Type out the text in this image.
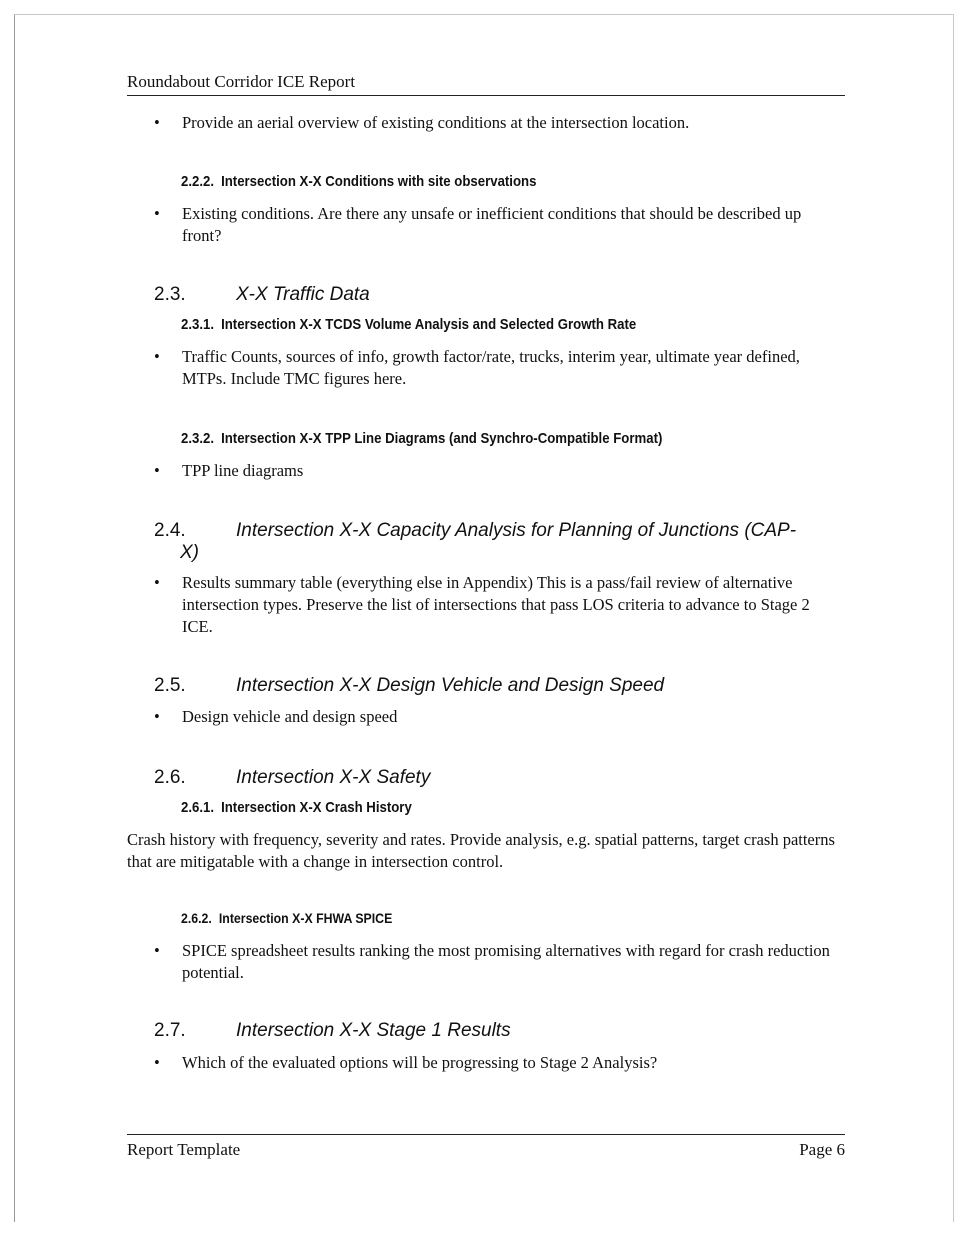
Roundabout Corridor ICE Report
•	Provide an aerial overview of existing conditions at the intersection location.
2.2.2. Intersection X-X Conditions with site observations
•	Existing conditions. Are there any unsafe or inefficient conditions that should be described up front?
2.3.	X-X Traffic Data
2.3.1. Intersection X-X TCDS Volume Analysis and Selected Growth Rate
•	Traffic Counts, sources of info, growth factor/rate, trucks, interim year, ultimate year defined, MTPs. Include TMC figures here.
2.3.2. Intersection X-X TPP Line Diagrams (and Synchro-Compatible Format)
•	TPP line diagrams
2.4.	Intersection X-X Capacity Analysis for Planning of Junctions (CAP-
X)
•	Results summary table (everything else in Appendix) This is a pass/fail review of alternative intersection types. Preserve the list of intersections that pass LOS criteria to advance to Stage 2 ICE.
2.5.	Intersection X-X Design Vehicle and Design Speed
•	Design vehicle and design speed
2.6.	Intersection X-X Safety
2.6.1. Intersection X-X Crash History
Crash history with frequency, severity and rates. Provide analysis, e.g. spatial patterns, target crash patterns that are mitigatable with a change in intersection control.
2.6.2. Intersection X-X FHWA SPICE
•	SPICE spreadsheet results ranking the most promising alternatives with regard for crash reduction potential.
2.7.	Intersection X-X Stage 1 Results
•	Which of the evaluated options will be progressing to Stage 2 Analysis?
Report Template	Page 6
